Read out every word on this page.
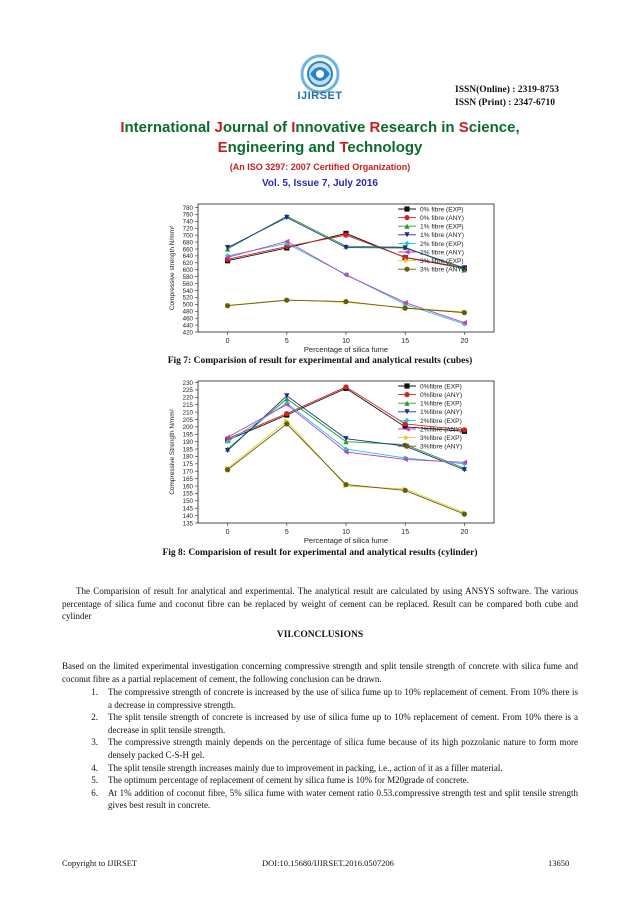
IJIRSET	ISSN(Online) : 2319-8753
ISSN (Print) : 2347-6710
International Journal of Innovative Research in Science,
Engineering and Technology
(An ISO 3297: 2007 Certified Organization)
Vol. 5, Issue 7, July 2016
420
440
460
480
500
520
540
560
580
600
620
640
660
680
700
720
740
760
780
0	5	10	15	20
Percentage of silica fume
Compressive strength N/mm²
0% fibre (EXP)
0% fibre (ANY)
1% fibre (EXP)
1% fibre (ANY)
2% fibre (EXP)
2% fibre (ANY)
3% fibre (EXP)
3% fibre (ANY)
Fig 7: Comparision of result for experimental and analytical results (cubes)
135
140
145
150
155
160
165
170
175
180
185
190
195
200
205
210
215
220
225
230
0	5	10	15	20
Percentage of silica fume
Compressive Strength N/mm²
0%fibre (EXP)
0%fibre (ANY)
1%fibre (EXP)
1%fibre (ANY)
2%fibre (EXP)
2%fibre (ANY)
3%fibre (EXP)
3%fibre (ANY)
Fig 8: Comparision of result for experimental and analytical results (cylinder)
The Comparision of result for analytical and experimental. The analytical result are calculated by using ANSYS software. The various percentage of silica fume and coconut fibre can be replaced by weight of cement can be replaced. Result can be compared both cube and cylinder
VII.CONCLUSIONS
Based on the limited experimental investigation concerning compressive strength and split tensile strength of concrete with silica fume and coconut fibre as a partial replacement of cement, the following conclusion can be drawn.
1.	The compressive strength of concrete is increased by the use of silica fume up to 10% replacement of cement. From 10% there is a decrease in compressive strength.
2.	The split tensile strength of concrete is increased by use of silica fume up to 10% replacement of cement. From 10% there is a decrease in split tensile strength.
3.	The compressive strength mainly depends on the percentage of silica fume because of its high pozzolanic nature to form more densely packed C-S-H gel.
4.	The split tensile strength increases mainly due to improvement in packing, i.e., action of it as a filler material.
5.	The optimum percentage of replacement of cement by silica fume is 10% for M20grade of concrete.
6.	At 1% addition of coconut fibre, 5% silica fume with water cement ratio 0.53.compressive strength test and split tensile strength gives best result in concrete.
Copyright to IJIRSET	DOI:10.15680/IJIRSET.2016.0507206	13650
